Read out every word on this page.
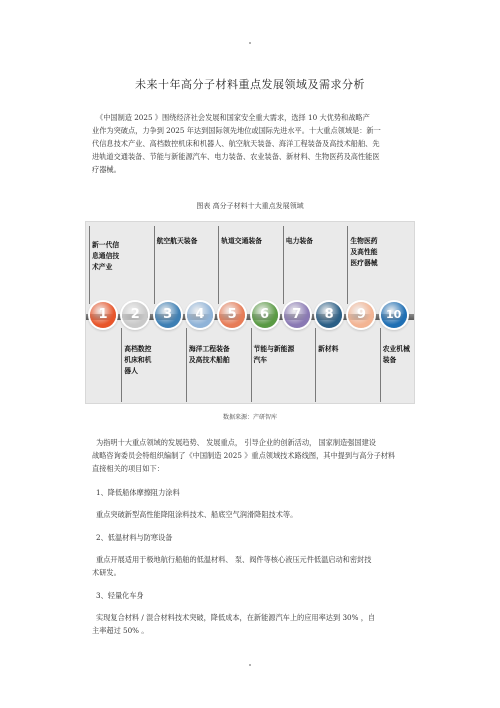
未来十年高分子材料重点发展领域及需求分析
《中国制造 2025 》围绕经济社会发展和国家安全重大需求，选择 10 大优势和战略产
业作为突破点，力争到 2025 年达到国际领先地位或国际先进水平。十大重点领域是：新一
代信息技术产业、高档数控机床和机器人、航空航天装备、海洋工程装备及高技术船舶、先
进轨道交通装备、节能与新能源汽车、电力装备、农业装备、新材料、生物医药及高性能医
疗器械。
图表 高分子材料十大重点发展领域
1
新一代信
息通信技
术产业
2
高档数控
机床和机
器人
3
航空航天装备
4
海洋工程装备
及高技术船舶
5
轨道交通装备
6
节能与新能源
汽车
7
电力装备
8
新材料
9
生物医药
及高性能
医疗器械
10
农业机械装备
数据来源：产研智库
为指明十大重点领域的发展趋势、 发展重点， 引导企业的创新活动， 国家制造强国建设
战略咨询委员会特组织编制了《中国制造 2025 》重点领域技术路线图，其中提到与高分子材料
直接相关的项目如下：
1、降低船体摩擦阻力涂料
重点突破新型高性能降阻涂料技术、船底空气润滑降阻技术等。
2、低温材料与防寒设备
重点开展适用于极地航行船舶的低温材料、 泵、阀件等核心液压元件低温启动和密封技
术研发。
3、轻量化车身
实现复合材料 / 混合材料技术突破，降低成本，在新能源汽车上的应用率达到 30% ，自
主率超过 50% 。
